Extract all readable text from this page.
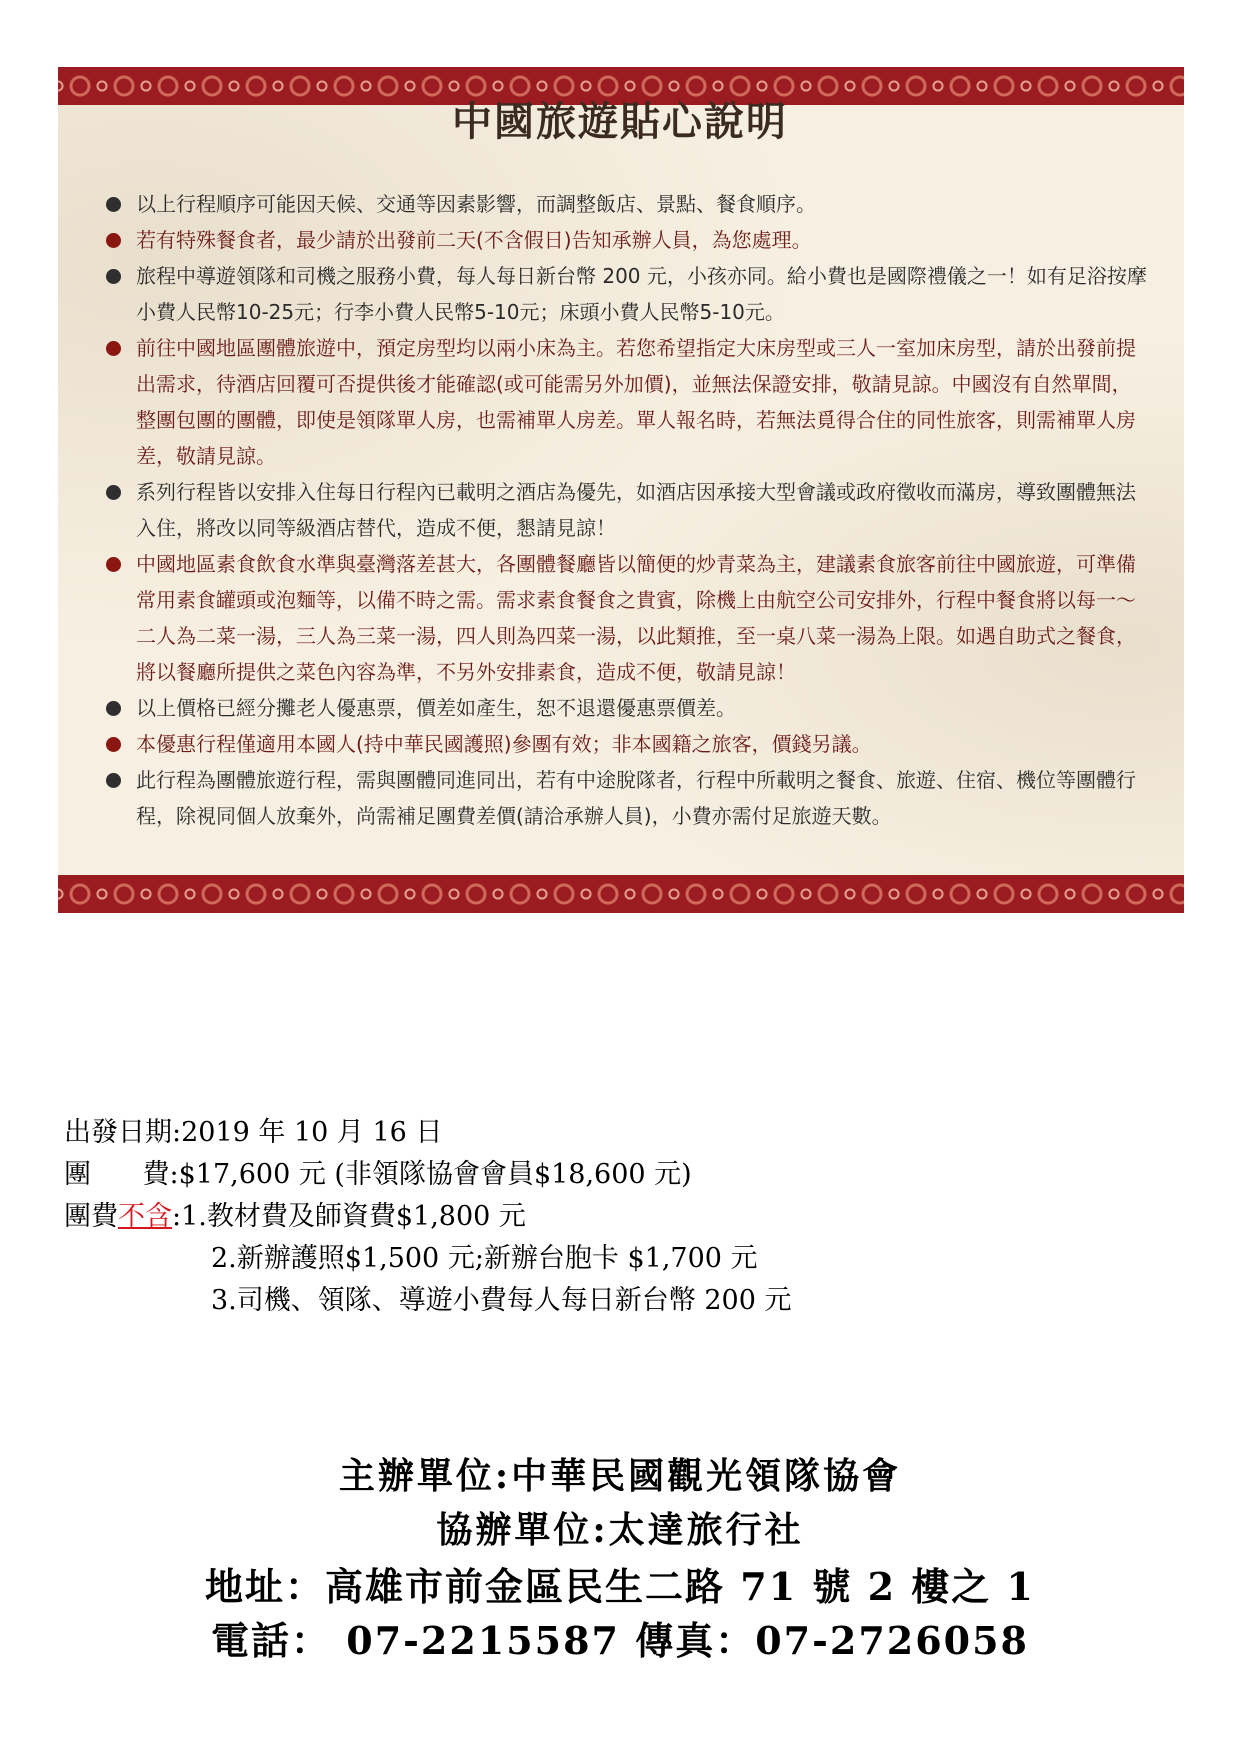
中國旅遊貼心說明
以上行程順序可能因天候、交通等因素影響，而調整飯店、景點、餐食順序。
若有特殊餐食者，最少請於出發前二天(不含假日)告知承辦人員，為您處理。
旅程中導遊領隊和司機之服務小費，每人每日新台幣 200 元，小孩亦同。給小費也是國際禮儀之一！如有足浴按摩小費人民幣10-25元；行李小費人民幣5-10元；床頭小費人民幣5-10元。
前往中國地區團體旅遊中，預定房型均以兩小床為主。若您希望指定大床房型或三人一室加床房型，請於出發前提出需求，待酒店回覆可否提供後才能確認(或可能需另外加價)，並無法保證安排，敬請見諒。中國沒有自然單間，整團包團的團體，即使是領隊單人房，也需補單人房差。單人報名時，若無法覓得合住的同性旅客，則需補單人房差，敬請見諒。
系列行程皆以安排入住每日行程內已載明之酒店為優先，如酒店因承接大型會議或政府徵收而滿房，導致團體無法入住，將改以同等級酒店替代，造成不便，懇請見諒！
中國地區素食飲食水準與臺灣落差甚大，各團體餐廳皆以簡便的炒青菜為主，建議素食旅客前往中國旅遊，可準備常用素食罐頭或泡麵等，以備不時之需。需求素食餐食之貴賓，除機上由航空公司安排外，行程中餐食將以每一～二人為二菜一湯，三人為三菜一湯，四人則為四菜一湯，以此類推，至一桌八菜一湯為上限。如遇自助式之餐食，將以餐廳所提供之菜色內容為準，不另外安排素食，造成不便，敬請見諒！
以上價格已經分攤老人優惠票，價差如產生，恕不退還優惠票價差。
本優惠行程僅適用本國人(持中華民國護照)參團有效；非本國籍之旅客，價錢另議。
此行程為團體旅遊行程，需與團體同進同出，若有中途脫隊者，行程中所載明之餐食、旅遊、住宿、機位等團體行程，除視同個人放棄外，尚需補足團費差價(請洽承辦人員)，小費亦需付足旅遊天數。
出發日期:2019 年 10 月 16 日
團      費:$17,600 元 (非領隊協會會員$18,600 元)
團費不含:1.教材費及師資費$1,800 元
2.新辦護照$1,500 元;新辦台胞卡 $1,700 元
3.司機、領隊、導遊小費每人每日新台幣 200 元
主辦單位:中華民國觀光領隊協會
協辦單位:太達旅行社
地址：高雄市前金區民生二路 71 號 2 樓之 1
電話： 07-2215587 傳真：07-2726058
